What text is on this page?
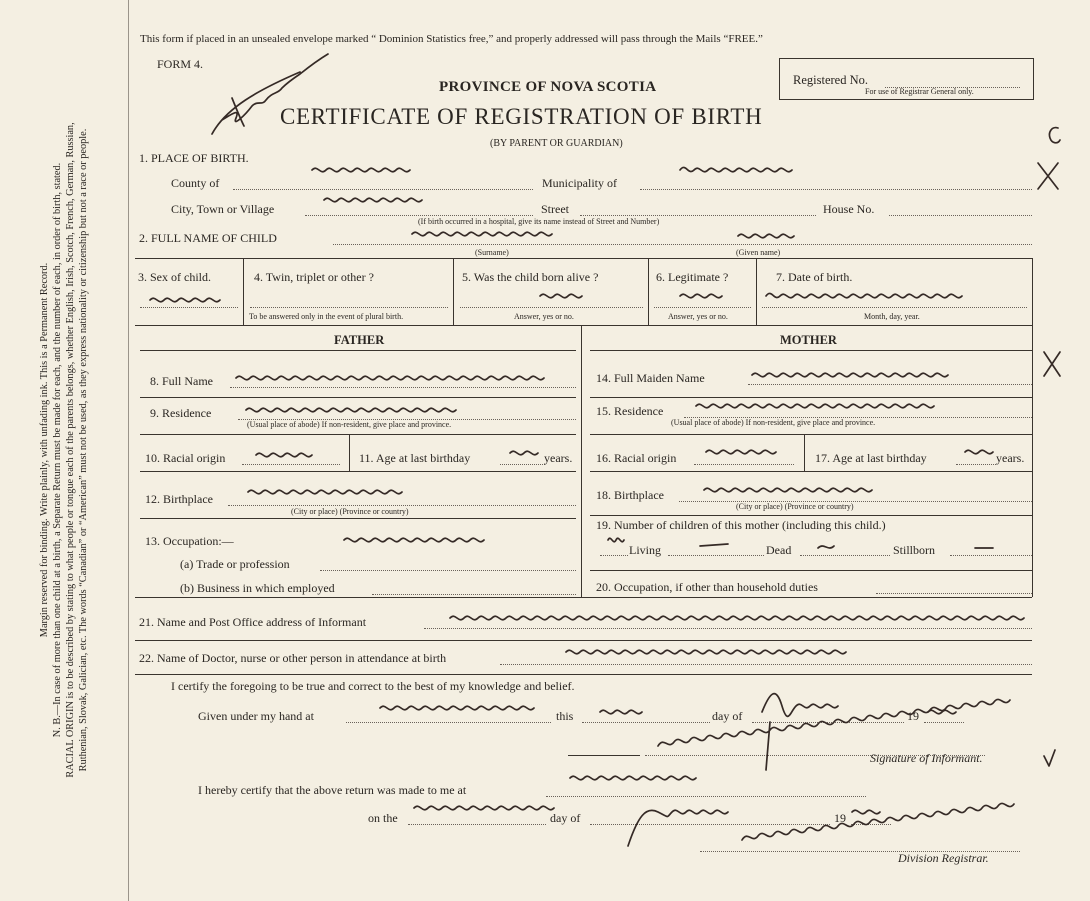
Margin reserved for binding. Write plainly, with unfading ink. This is a Permanent Record. N. B.—In case of more than one child at a birth, a Separate Return must be made for each, and the number of each, in order of birth, stated. RACIAL ORIGIN is to be described by stating to what people or tongue each of the parents belongs, whether English, Irish, Scotch, French, German, Russian, Ruthenian, Slovak, Galician, etc. The words “Canadian” or “American” must not be used, as they express nationality or citizenship but not a race or people.

This form if placed in an unsealed envelope marked “ Dominion Statistics free,” and properly addressed will pass through the Mails “FREE.”
FORM 4.
PROVINCE OF NOVA SCOTIA
CERTIFICATE OF REGISTRATION OF BIRTH
(BY PARENT OR GUARDIAN)
Registered No.
For use of Registrar General only.
1. PLACE OF BIRTH.
County of	Municipality of
City, Town or Village	Street	House No.
(If birth occurred in a hospital, give its name instead of Street and Number)
2. FULL NAME OF CHILD
(Surname)	(Given name)
3. Sex of child.	4. Twin, triplet or other ?
To be answered only in the event of plural birth.
5. Was the child born alive ?
Answer, yes or no.
6. Legitimate ?
Answer, yes or no.
7. Date of birth.
Month, day, year.
FATHER	MOTHER
8. Full Name
9. Residence
(Usual place of abode) If non-resident, give place and province.
10. Racial origin	11. Age at last birthday	years.
12. Birthplace
(City or place) (Province or country)
13. Occupation:—
(a) Trade or profession
(b) Business in which employed
14. Full Maiden Name
15. Residence
(Usual place of abode) If non-resident, give place and province.
16. Racial origin	17. Age at last birthday	years.
18. Birthplace
(City or place) (Province or country)
19. Number of children of this mother (including this child.)
Living	Dead	Stillborn
20. Occupation, if other than household duties
21. Name and Post Office address of Informant
22. Name of Doctor, nurse or other person in attendance at birth
I certify the foregoing to be true and correct to the best of my knowledge and belief.
Given under my hand at	this	day of	19
Signature of Informant.
I hereby certify that the above return was made to me at
on the	day of	19
Division Registrar.
